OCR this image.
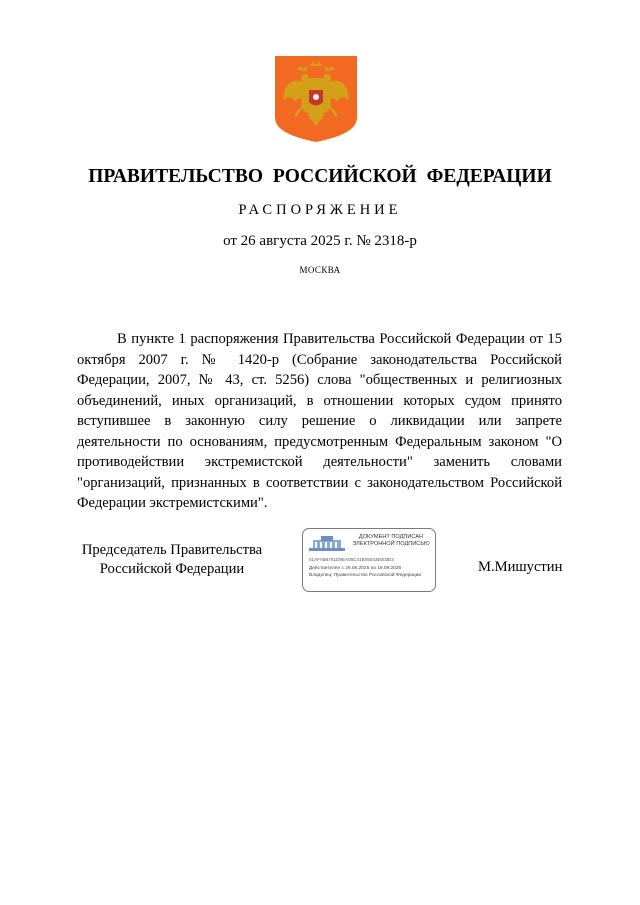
ПРАВИТЕЛЬСТВО РОССИЙСКОЙ ФЕДЕРАЦИИ
РАСПОРЯЖЕНИЕ
от 26 августа 2025 г. № 2318-р
МОСКВА

В пункте 1 распоряжения Правительства Российской Федерации от 15 октября 2007 г. № 1420-р (Собрание законодательства Российской Федерации, 2007, № 43, ст. 5256) слова "общественных и религиозных объединений, иных организаций, в отношении которых судом принято вступившее в законную силу решение о ликвидации или запрете деятельности по основаниям, предусмотренным Федеральным законом "О противодействии экстремистской деятельности" заменить словами "организаций, признанных в соответствии с законодательством Российской Федерации экстремистскими".

Председатель Правительства
Российской Федерации
ДОКУМЕНТ ПОДПИСАН
ЭЛЕКТРОННОЙ ПОДПИСЬЮ
51AFAB6761D9EA00C41E05043E003E3
Действителен с 26.06.2025 по 19.09.2026
Владелец: Правительство Российской Федерации
М.Мишустин
